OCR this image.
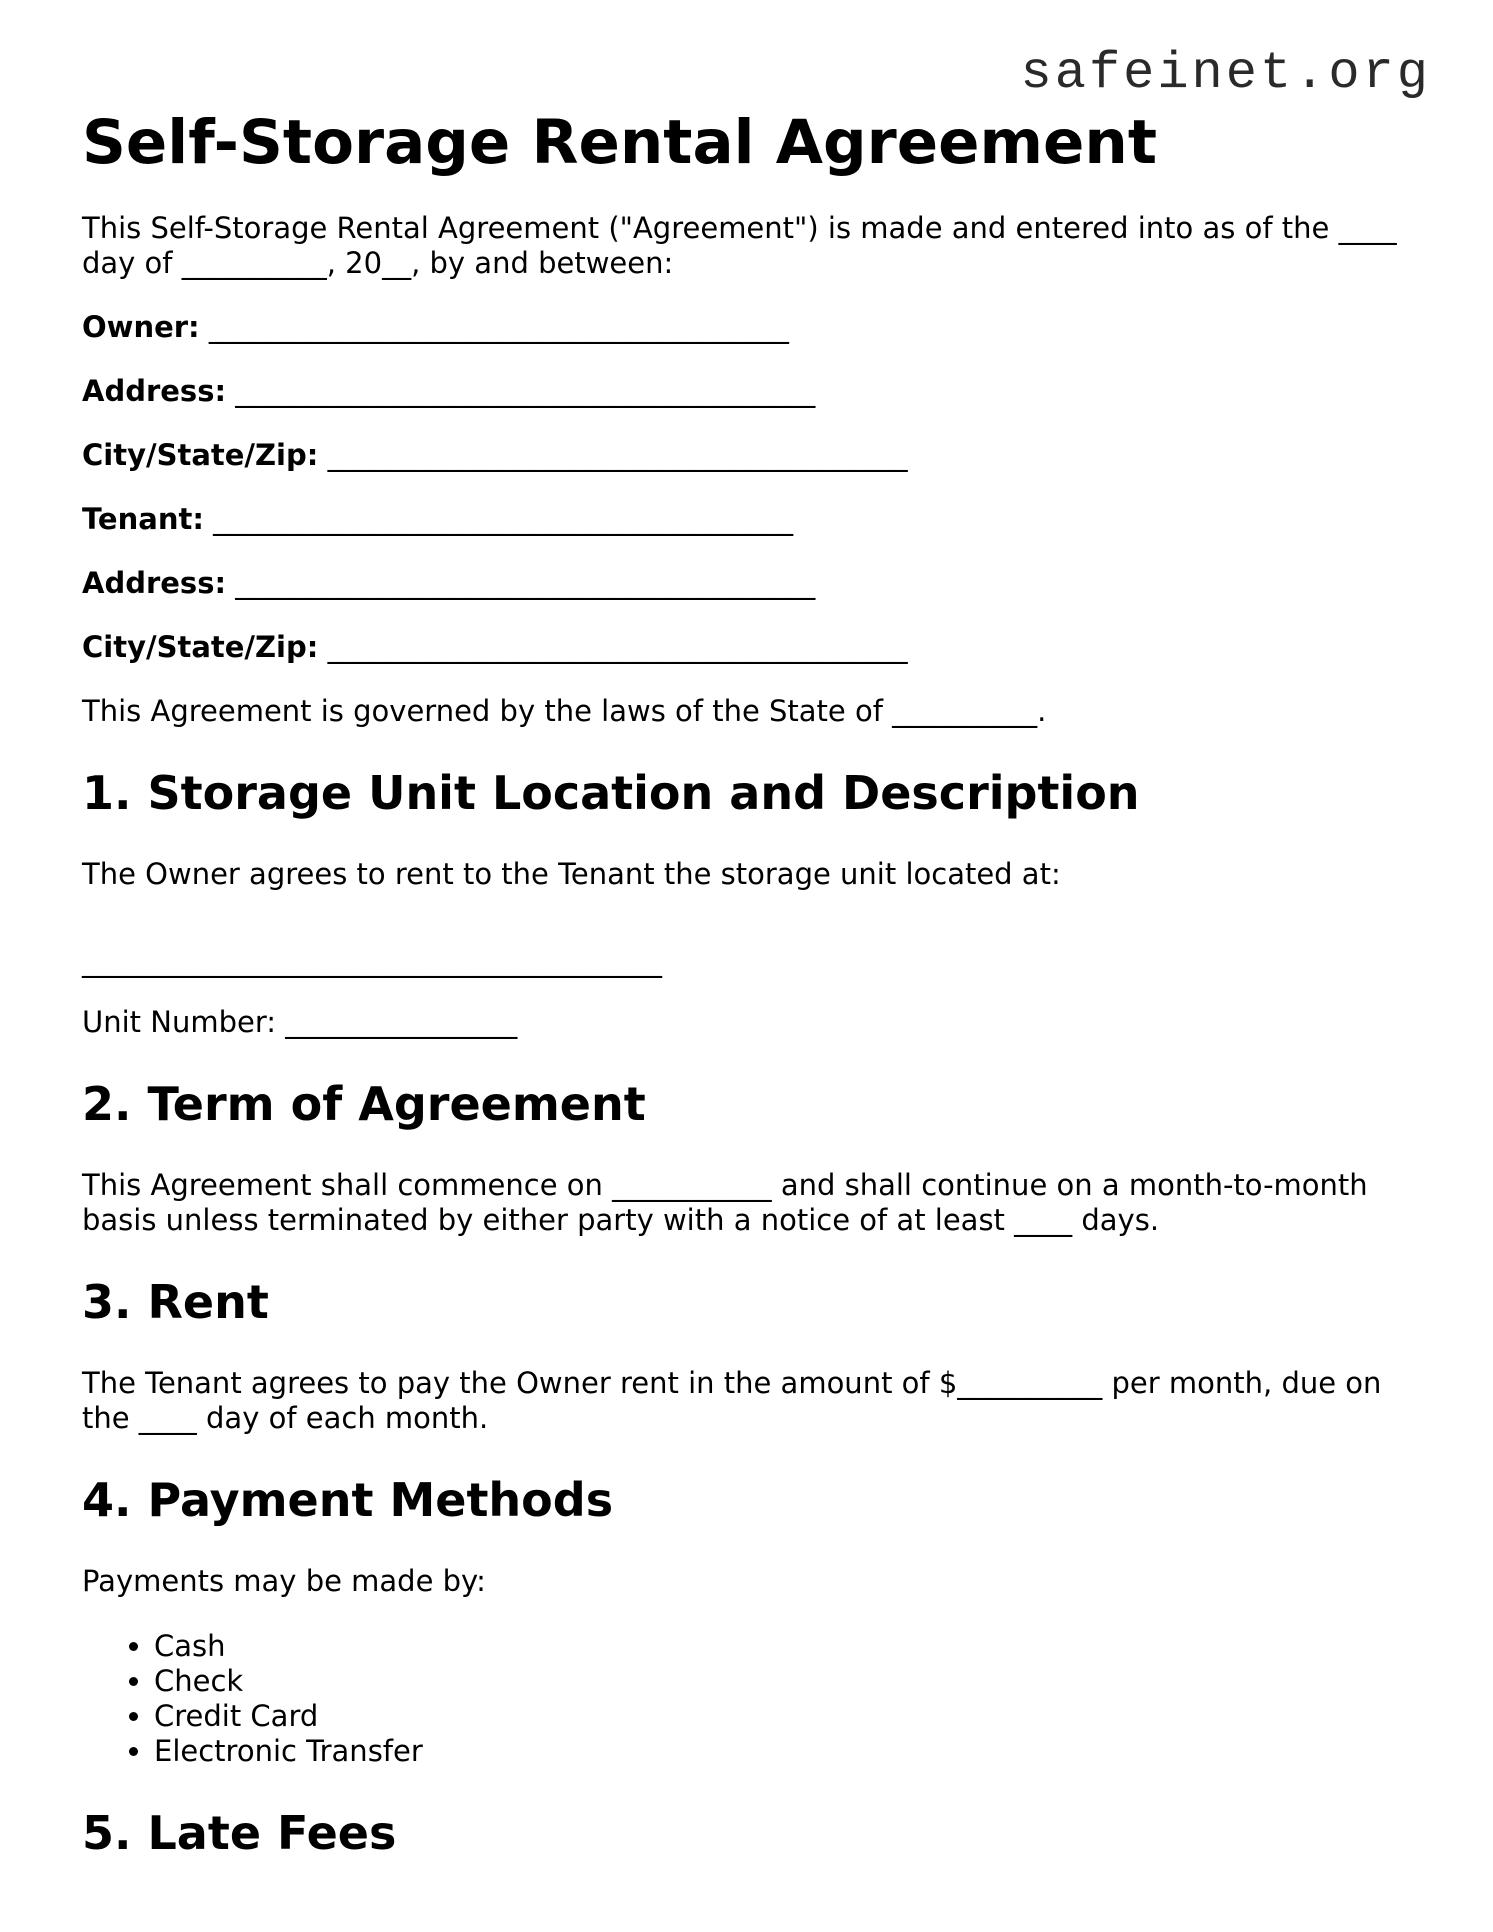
safeinet.org
Self-Storage Rental Agreement

This Self-Storage Rental Agreement ("Agreement") is made and entered into as of the ____ day of __________, 20__, by and between:

Owner: ________________________________________

Address: ________________________________________

City/State/Zip: ________________________________________

Tenant: ________________________________________

Address: ________________________________________

City/State/Zip: ________________________________________

This Agreement is governed by the laws of the State of __________.

1. Storage Unit Location and Description

The Owner agrees to rent to the Tenant the storage unit located at:

________________________________________

Unit Number: ________________

2. Term of Agreement

This Agreement shall commence on ___________ and shall continue on a month-to-month basis unless terminated by either party with a notice of at least ____ days.

3. Rent

The Tenant agrees to pay the Owner rent in the amount of $__________ per month, due on the ____ day of each month.

4. Payment Methods

Payments may be made by:

• Cash
• Check
• Credit Card
• Electronic Transfer
5. Late Fees
